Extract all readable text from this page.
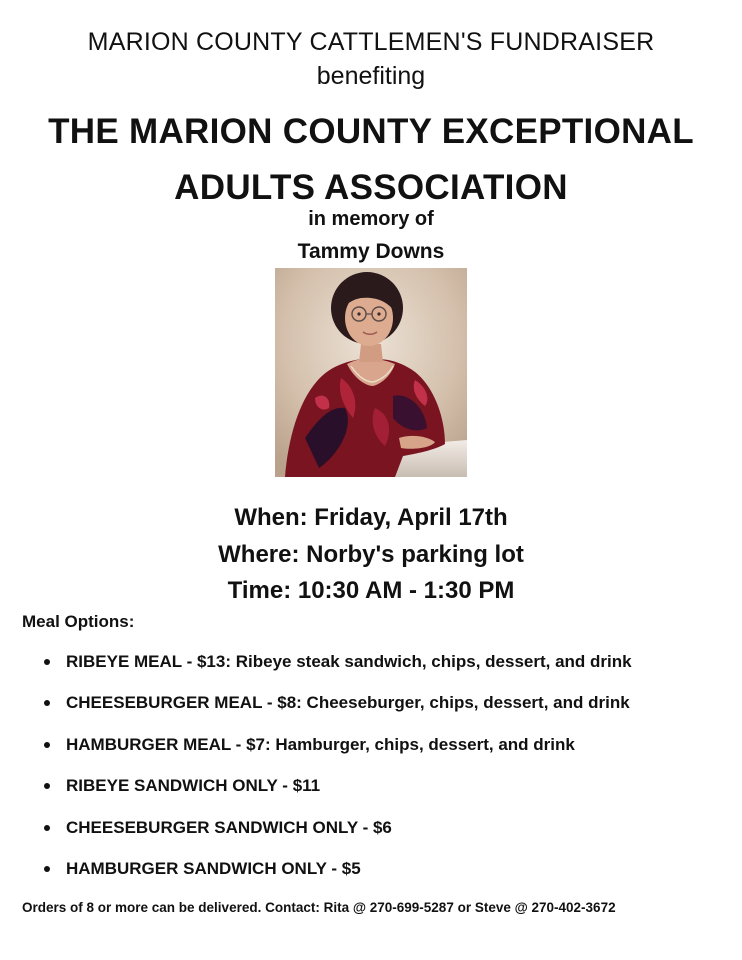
MARION COUNTY CATTLEMEN'S FUNDRAISER
benefiting
THE MARION COUNTY EXCEPTIONAL
ADULTS ASSOCIATION
in memory of
Tammy Downs
When: Friday, April 17th
Where: Norby's parking lot
Time: 10:30 AM - 1:30 PM
Meal Options:
RIBEYE MEAL - $13: Ribeye steak sandwich, chips, dessert, and drink
CHEESEBURGER MEAL - $8: Cheeseburger, chips, dessert, and drink
HAMBURGER MEAL - $7: Hamburger, chips, dessert, and drink
RIBEYE SANDWICH ONLY - $11
CHEESEBURGER SANDWICH ONLY - $6
HAMBURGER SANDWICH ONLY - $5
Orders of 8 or more can be delivered. Contact: Rita @ 270-699-5287 or Steve @ 270-402-3672
